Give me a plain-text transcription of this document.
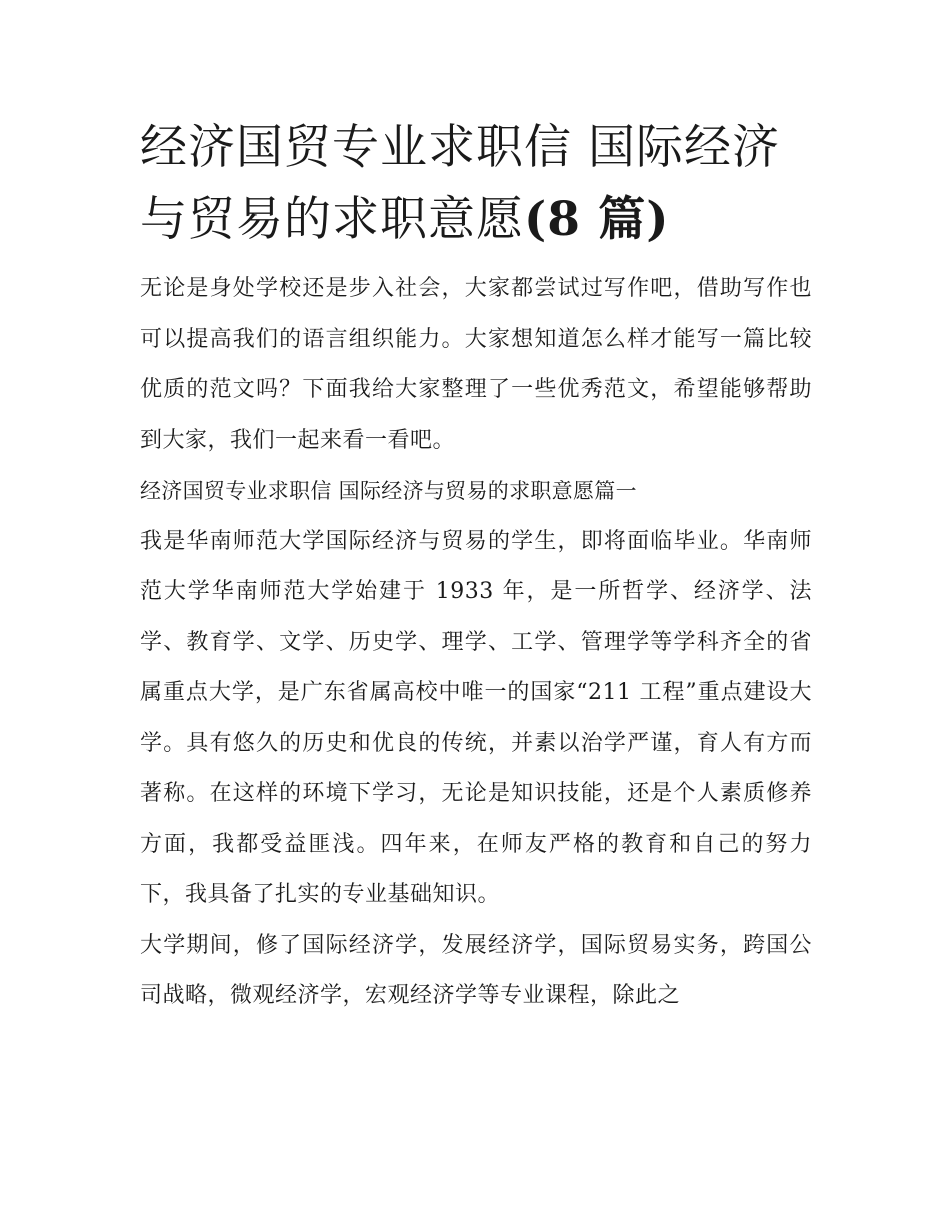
经济国贸专业求职信 国际经济与贸易的求职意愿(8 篇)

无论是身处学校还是步入社会，大家都尝试过写作吧，借助写作也可以提高我们的语言组织能力。大家想知道怎么样才能写一篇比较优质的范文吗？下面我给大家整理了一些优秀范文，希望能够帮助到大家，我们一起来看一看吧。

经济国贸专业求职信 国际经济与贸易的求职意愿篇一

我是华南师范大学国际经济与贸易的学生，即将面临毕业。华南师范大学华南师范大学始建于 1933 年，是一所哲学、经济学、法学、教育学、文学、历史学、理学、工学、管理学等学科齐全的省属重点大学，是广东省属高校中唯一的国家“211 工程”重点建设大学。具有悠久的历史和优良的传统，并素以治学严谨，育人有方而著称。在这样的环境下学习，无论是知识技能，还是个人素质修养方面，我都受益匪浅。四年来，在师友严格的教育和自己的努力下，我具备了扎实的专业基础知识。

大学期间，修了国际经济学，发展经济学，国际贸易实务，跨国公司战略，微观经济学，宏观经济学等专业课程，除此之
